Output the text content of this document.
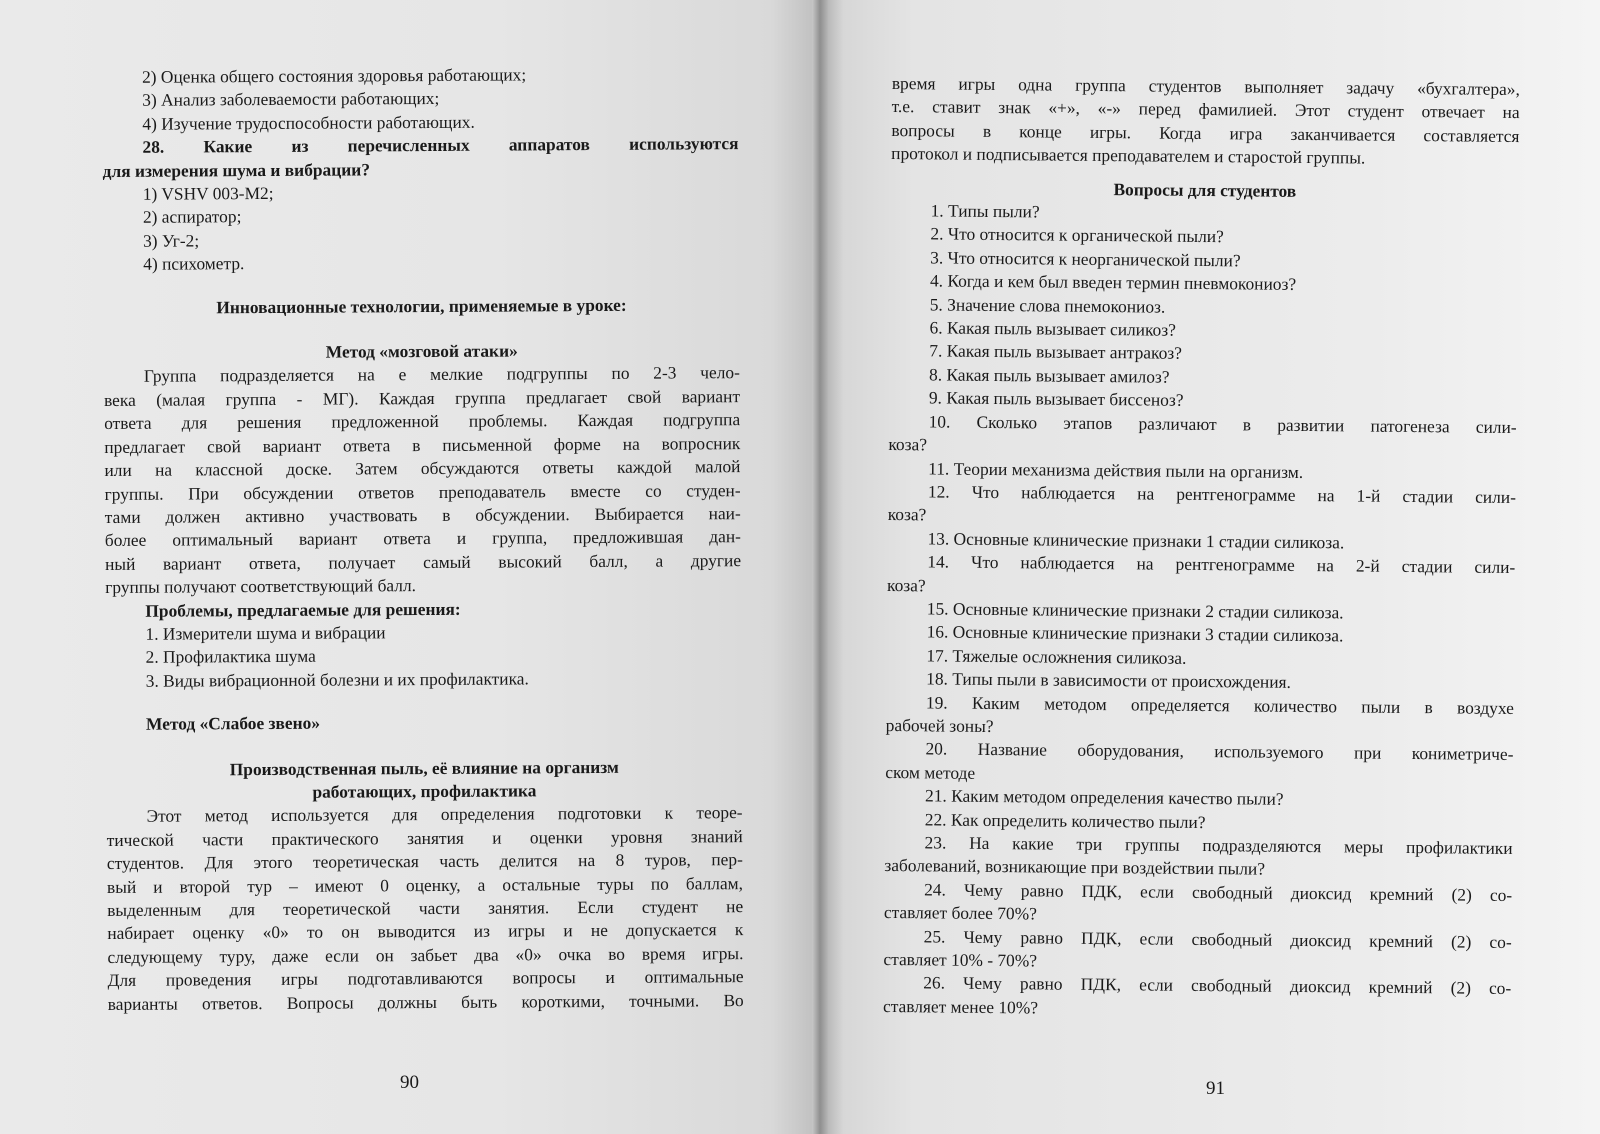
2) Оценка общего состояния здоровья работающих;
3) Анализ заболеваемости работающих;
4) Изучение трудоспособности работающих.
28. Какие из перечисленных аппаратов используются
для измерения шума и вибрации?
1) VSHV 003-M2;
2) аспиратор;
3) Уг-2;
4) психометр.
Инновационные технологии, применяемые в уроке:
Метод «мозговой атаки»
Группа подразделяется на е мелкие подгруппы по 2-3 чело-
века (малая группа - МГ). Каждая группа предлагает свой вариант
ответа для решения предложенной проблемы. Каждая подгруппа
предлагает свой вариант ответа в письменной форме на вопросник
или на классной доске. Затем обсуждаются ответы каждой малой
группы. При обсуждении ответов преподаватель вместе со студен-
тами должен активно участвовать в обсуждении. Выбирается наи-
более оптимальный вариант ответа и группа, предложившая дан-
ный вариант ответа, получает самый высокий балл, а другие
группы получают соответствующий балл.
Проблемы, предлагаемые для решения:
1. Измерители шума и вибрации
2. Профилактика шума
3. Виды вибрационной болезни и их профилактика.
Метод «Слабое звено»
Производственная пыль, её влияние на организм
работающих, профилактика
Этот метод используется для определения подготовки к теоре-
тической части практического занятия и оценки уровня знаний
студентов. Для этого теоретическая часть делится на 8 туров, пер-
вый и второй тур – имеют 0 оценку, а остальные туры по баллам,
выделенным для теоретической части занятия. Если студент не
набирает оценку «0» то он выводится из игры и не допускается к
следующему туру, даже если он забьет два «0» очка во время игры.
Для проведения игры подготавливаются вопросы и оптимальные
варианты ответов. Вопросы должны быть короткими, точными. Во
90
время игры одна группа студентов выполняет задачу «бухгалтера»,
т.е. ставит знак «+», «-» перед фамилией. Этот студент отвечает на
вопросы в конце игры. Когда игра заканчивается составляется
протокол и подписывается преподавателем и старостой группы.
Вопросы для студентов
1. Типы пыли?
2. Что относится к органической пыли?
3. Что относится к неорганической пыли?
4. Когда и кем был введен термин пневмокониоз?
5. Значение слова пнемокониоз.
6. Какая пыль вызывает силикоз?
7. Какая пыль вызывает антракоз?
8. Какая пыль вызывает амилоз?
9. Какая пыль вызывает биссеноз?
10. Сколько этапов различают в развитии патогенеза сили-
коза?
11. Теории механизма действия пыли на организм.
12. Что наблюдается на рентгенограмме на 1-й стадии сили-
коза?
13. Основные клинические признаки 1 стадии силикоза.
14. Что наблюдается на рентгенограмме на 2-й стадии сили-
коза?
15. Основные клинические признаки 2 стадии силикоза.
16. Основные клинические признаки 3 стадии силикоза.
17. Тяжелые осложнения силикоза.
18. Типы пыли в зависимости от происхождения.
19. Каким методом определяется количество пыли в воздухе
рабочей зоны?
20. Название оборудования, используемого при кониметриче-
ском методе
21. Каким методом определения качество пыли?
22. Как определить количество пыли?
23. На какие три группы подразделяются меры профилактики
заболеваний, возникающие при воздействии пыли?
24. Чему равно ПДК, если свободный диоксид кремний (2) со-
ставляет более 70%?
25. Чему равно ПДК, если свободный диоксид кремний (2) со-
ставляет 10% - 70%?
26. Чему равно ПДК, если свободный диоксид кремний (2) со-
ставляет менее 10%?
91
